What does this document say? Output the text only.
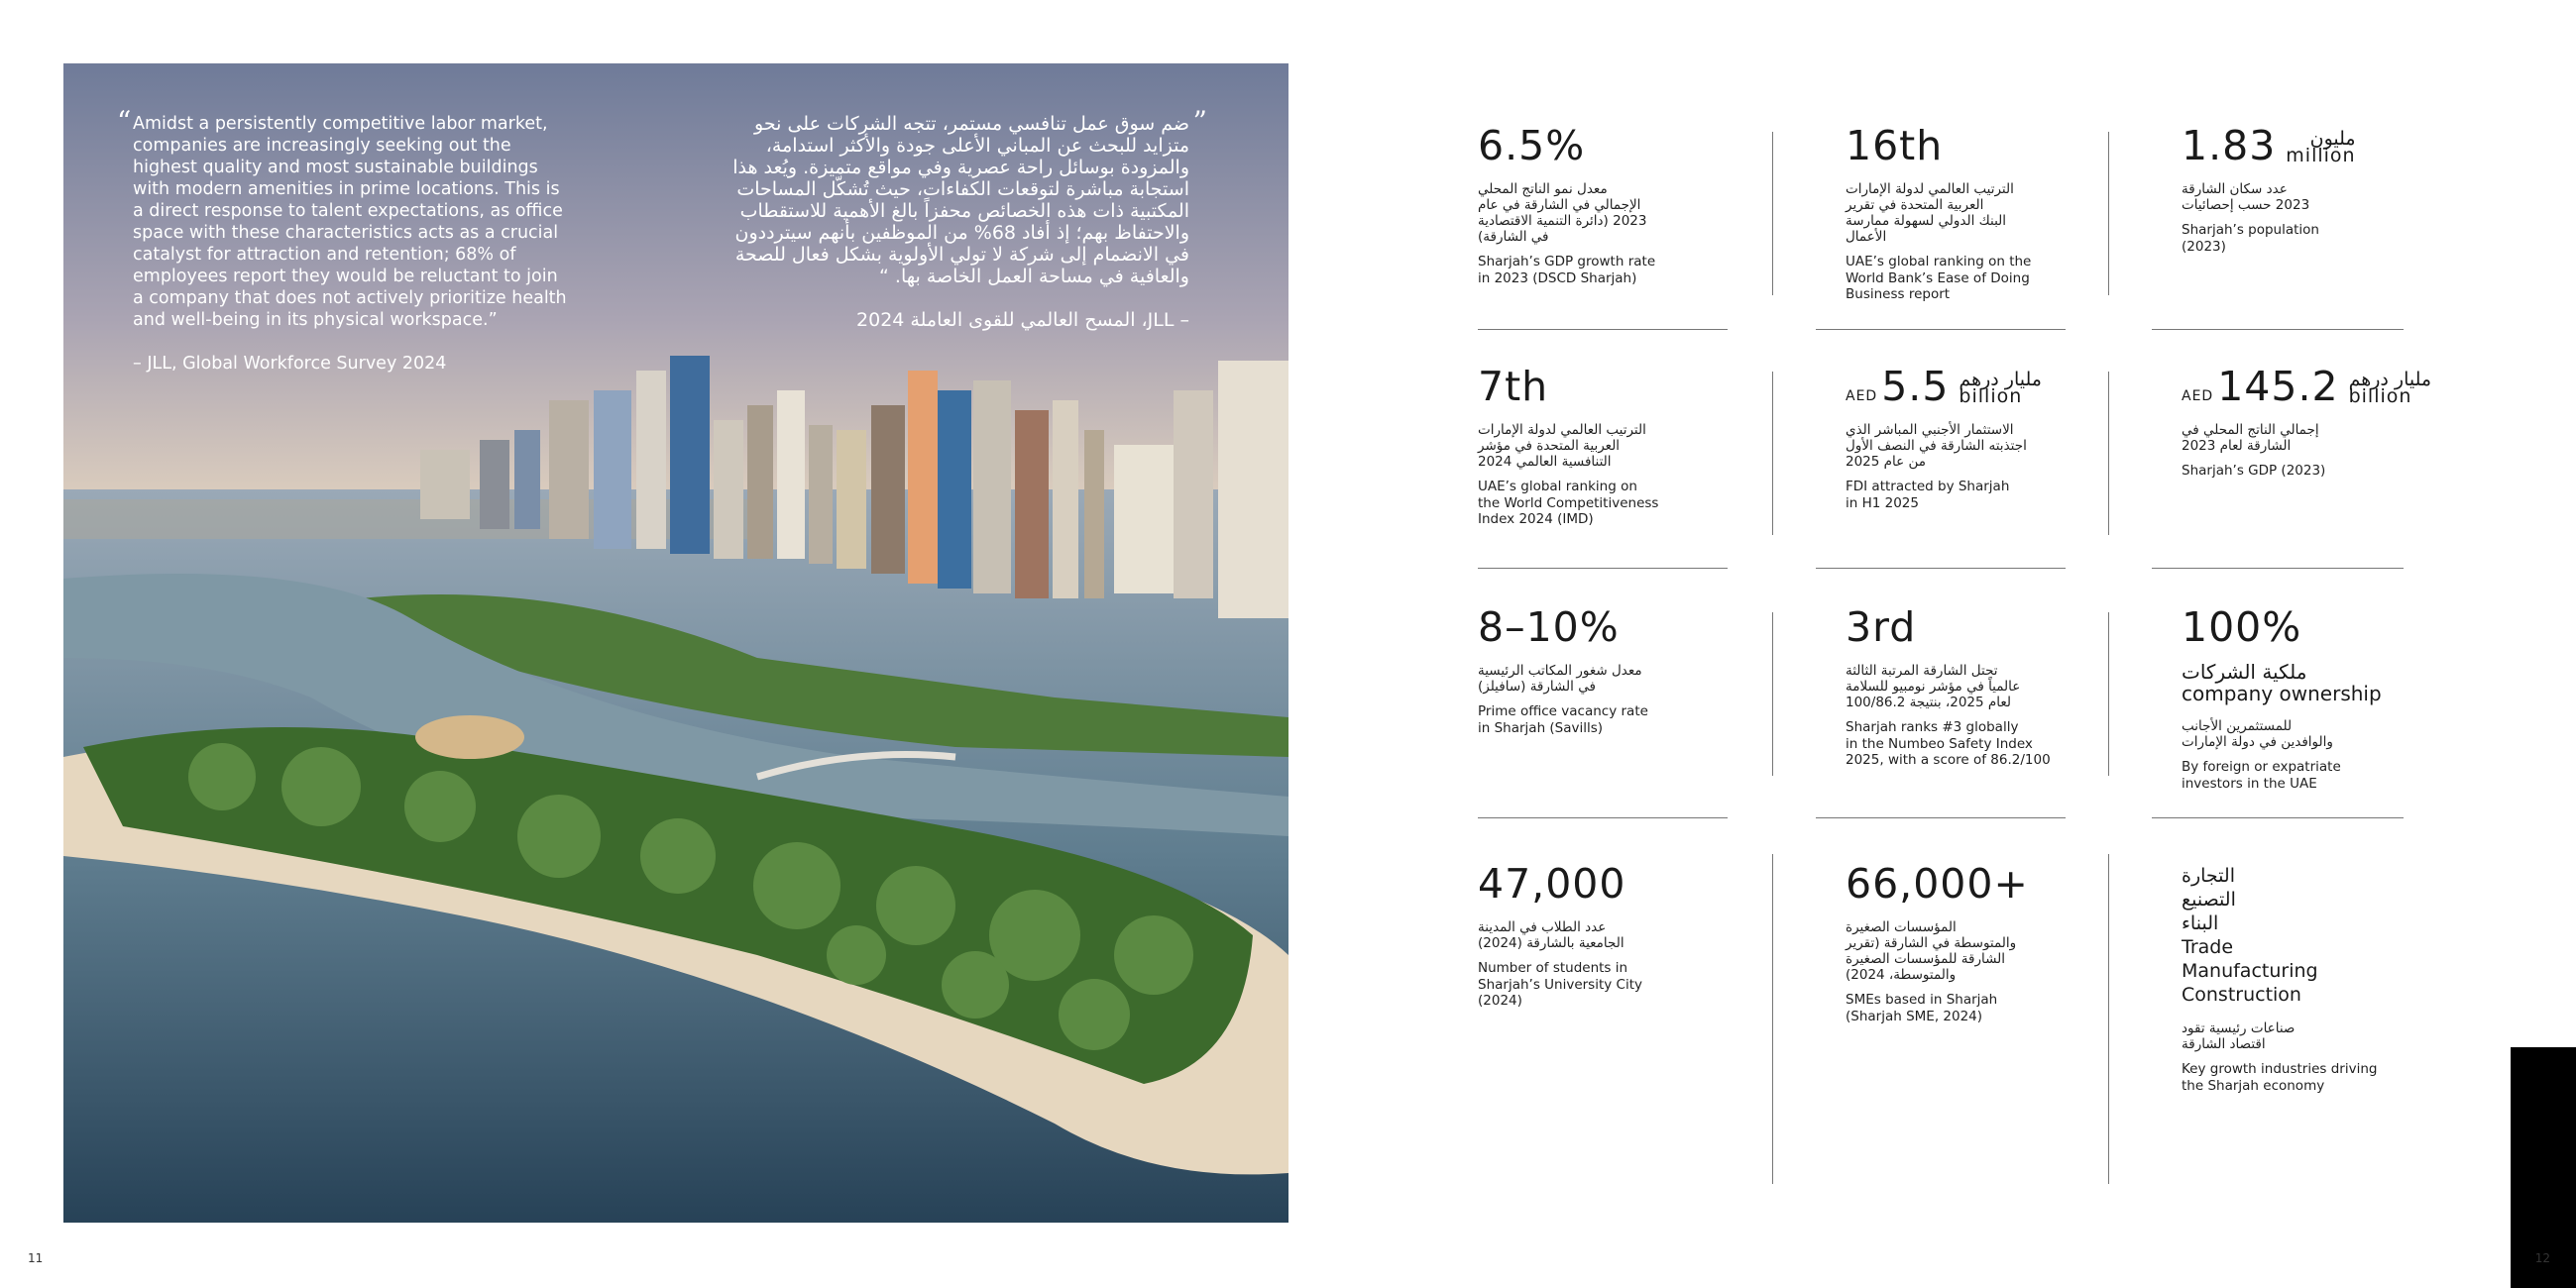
“ Amidst a persistently competitive labor market, companies are increasingly seeking out the highest quality and most sustainable buildings with modern amenities in prime locations. This is a direct response to talent expectations, as office space with these characteristics acts as a crucial catalyst for attraction and retention; 68% of employees report they would be reluctant to join a company that does not actively prioritize health and well-being in its physical workspace.”
– JLL, Global Workforce Survey 2024
”
ضم سوق عمل تنافسي مستمر، تتجه الشركات على نحو متزايد للبحث عن المباني الأعلى جودة والأكثر استدامة، والمزودة بوسائل راحة عصرية وفي مواقع متميزة. ويُعد هذا استجابة مباشرة لتوقعات الكفاءات، حيث تُشكّل المساحات المكتبية ذات هذه الخصائص محفزاً بالغ الأهمية للاستقطاب والاحتفاظ بهم؛ إذ أفاد 68% من الموظفين بأنهم سيترددون في الانضمام إلى شركة لا تولي الأولوية بشكل فعال للصحة والعافية في مساحة العمل الخاصة بها. “
– JLL، المسح العالمي للقوى العاملة 2024
11
6.5%
معدل نمو الناتج المحلي
الإجمالي في الشارقة في عام
2023 (دائرة التنمية الاقتصادية
في الشارقة)
Sharjah’s GDP growth rate
in 2023 (DSCD Sharjah)
16th
الترتيب العالمي لدولة الإمارات
العربية المتحدة في تقرير
البنك الدولي لسهولة ممارسة
الأعمال
UAE’s global ranking on the
World Bank’s Ease of Doing
Business report
1.83	مليون
million
عدد سكان الشارقة
2023 حسب إحصائيات
Sharjah’s population
(2023)
7th
الترتيب العالمي لدولة الإمارات
العربية المتحدة في مؤشر
التنافسية العالمي 2024
UAE’s global ranking on
the World Competitiveness
Index 2024 (IMD)
AED 5.5 مليار درهم
billion
الاستثمار الأجنبي المباشر الذي
اجتذبته الشارقة في النصف الأول
من عام 2025
FDI attracted by Sharjah
in H1 2025
AED 145.2 مليار درهم
billion
إجمالي الناتج المحلي في
الشارقة لعام 2023
Sharjah’s GDP (2023)
8–10%
معدل شغور المكاتب الرئيسية
في الشارقة (سافيلز)
Prime office vacancy rate
in Sharjah (Savills)
3rd
تحتل الشارقة المرتبة الثالثة
عالمياً في مؤشر نومبيو للسلامة
لعام 2025، بنتيجة 100/86.2
Sharjah ranks #3 globally
in the Numbeo Safety Index
2025, with a score of 86.2/100
100%
ملكية الشركات
company ownership
للمستثمرين الأجانب
والوافدين في دولة الإمارات
By foreign or expatriate
investors in the UAE
47,000
عدد الطلاب في المدينة
الجامعية بالشارقة (2024)
Number of students in
Sharjah’s University City
(2024)
66,000+
المؤسسات الصغيرة
والمتوسطة في الشارقة (تقرير
الشارقة للمؤسسات الصغيرة
والمتوسطة، 2024)
SMEs based in Sharjah
(Sharjah SME, 2024)
التجارة
التصنيع
البناء
Trade
Manufacturing
Construction
صناعات رئيسية تقود
اقتصاد الشارقة
Key growth industries driving
the Sharjah economy
12
